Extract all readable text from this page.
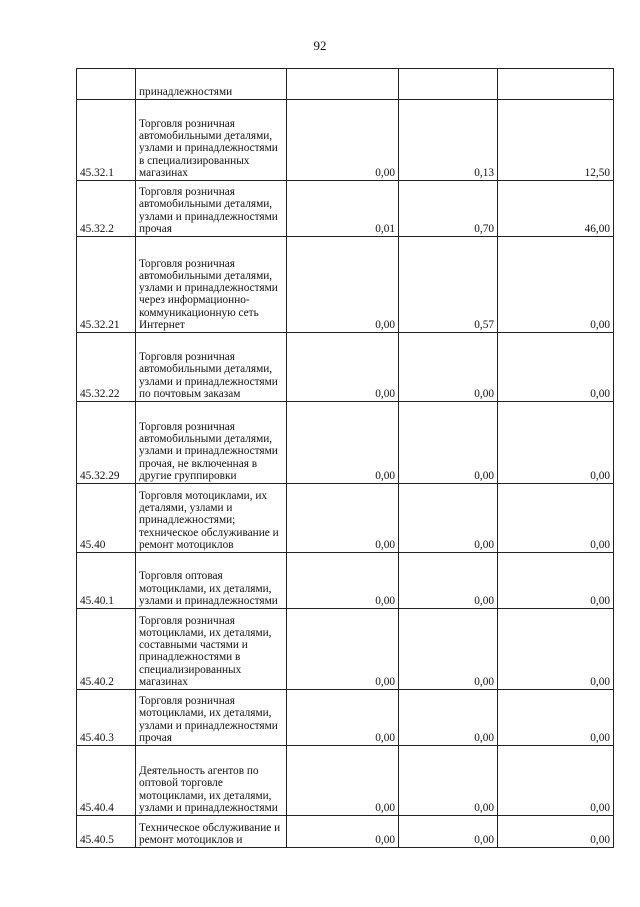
92
	принадлежностями			
45.32.1	Торговля розничная автомобильными деталями, узлами и принадлежностями в специализированных магазинах	0,00	0,13	12,50
45.32.2	Торговля розничная автомобильными деталями, узлами и принадлежностями прочая	0,01	0,70	46,00
45.32.21	Торговля розничная автомобильными деталями, узлами и принадлежностями через информационно-коммуникационную сеть Интернет	0,00	0,57	0,00
45.32.22	Торговля розничная автомобильными деталями, узлами и принадлежностями по почтовым заказам	0,00	0,00	0,00
45.32.29	Торговля розничная автомобильными деталями, узлами и принадлежностями прочая, не включенная в другие группировки	0,00	0,00	0,00
45.40	Торговля мотоциклами, их деталями, узлами и принадлежностями; техническое обслуживание и ремонт мотоциклов	0,00	0,00	0,00
45.40.1	Торговля оптовая мотоциклами, их деталями, узлами и принадлежностями	0,00	0,00	0,00
45.40.2	Торговля розничная мотоциклами, их деталями, составными частями и принадлежностями в специализированных магазинах	0,00	0,00	0,00
45.40.3	Торговля розничная мотоциклами, их деталями, узлами и принадлежностями прочая	0,00	0,00	0,00
45.40.4	Деятельность агентов по оптовой торговле мотоциклами, их деталями, узлами и принадлежностями	0,00	0,00	0,00
45.40.5	Техническое обслуживание и ремонт мотоциклов и	0,00	0,00	0,00
